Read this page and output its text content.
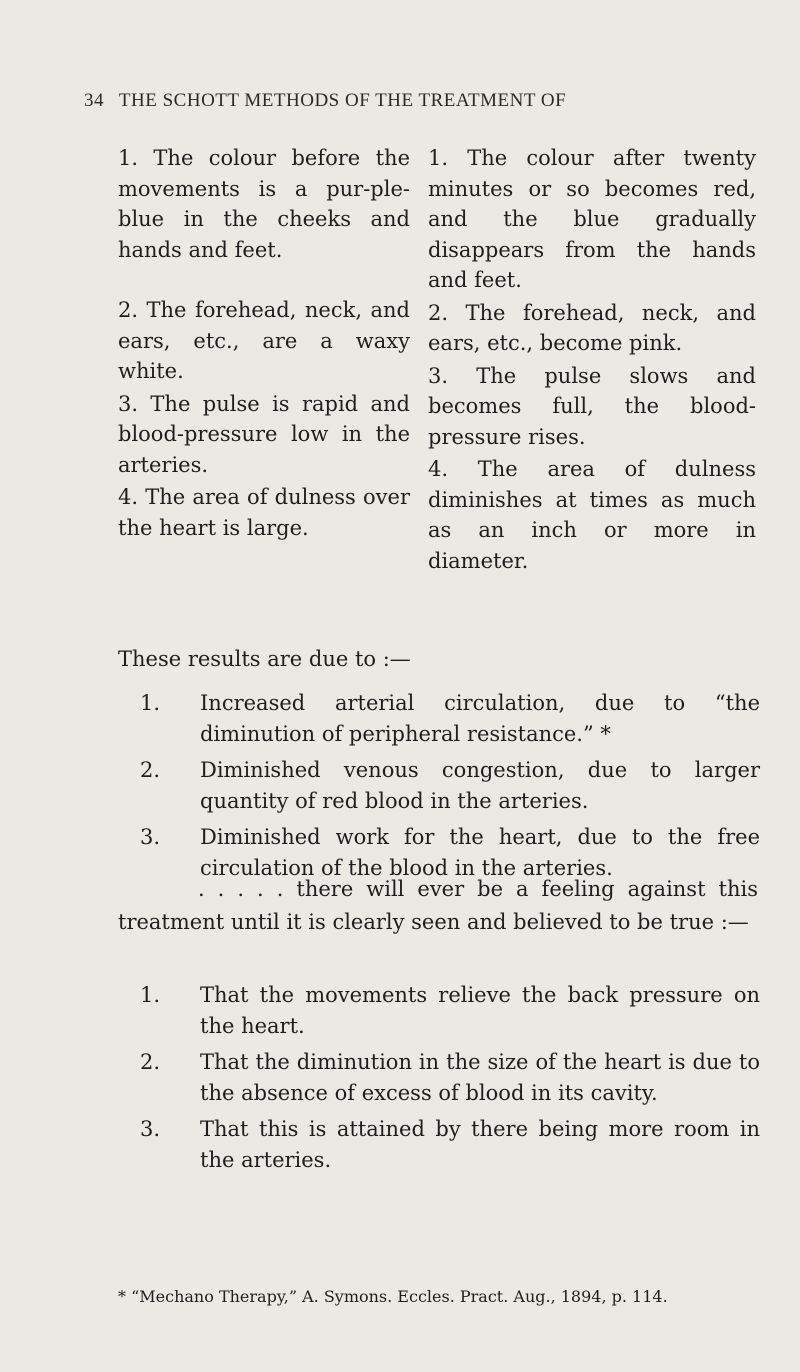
34 THE SCHOTT METHODS OF THE TREATMENT OF

1. The colour before the movements is a pur-ple-blue in the cheeks and hands and feet.

2. The forehead, neck, and ears, etc., are a waxy white.

3. The pulse is rapid and blood-pressure low in the arteries.

4. The area of dulness over the heart is large.

1. The colour after twenty minutes or so becomes red, and the blue gradually disappears from the hands and feet.

2. The forehead, neck, and ears, etc., become pink.

3. The pulse slows and becomes full, the blood-pressure rises.

4. The area of dulness diminishes at times as much as an inch or more in diameter.

These results are due to :—
1. Increased arterial circulation, due to “the diminution of peripheral resistance.” *
2. Diminished venous congestion, due to larger quantity of red blood in the arteries.
3. Diminished work for the heart, due to the free circulation of the blood in the arteries.
. . . . . there will ever be a feeling against this treatment until it is clearly seen and believed to be true :—
1. That the movements relieve the back pressure on the heart.
2. That the diminution in the size of the heart is due to the absence of excess of blood in its cavity.
3. That this is attained by there being more room in the arteries.
* “Mechano Therapy,” A. Symons. Eccles. Pract. Aug., 1894, p. 114.
